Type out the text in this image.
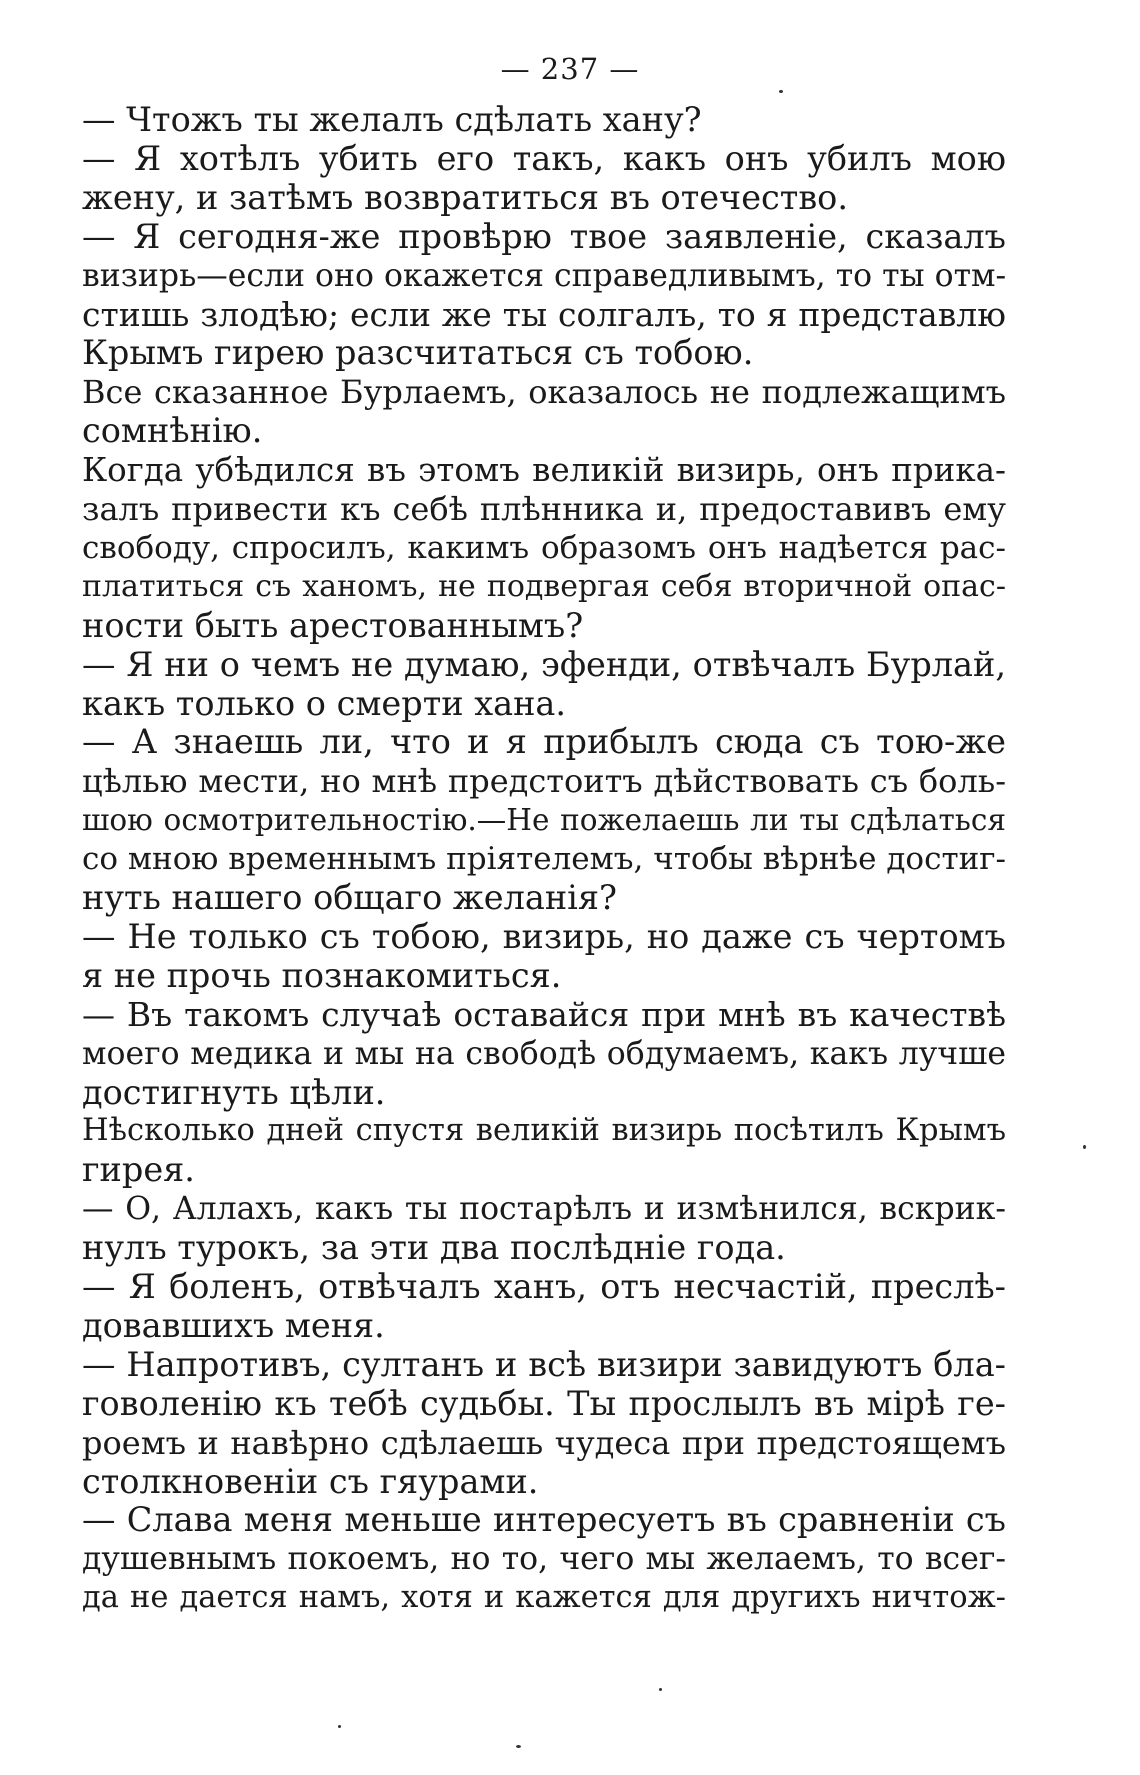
— 237 —
— Чтожъ ты желалъ сдѣлать хану?
— Я хотѣлъ убить его такъ, какъ онъ убилъ мою
жену, и затѣмъ возвратиться въ отечество.
— Я сегодня-же провѣрю твое заявленіе, сказалъ
визирь—если оно окажется справедливымъ, то ты отм-
стишь злодѣю; если же ты солгалъ, то я представлю
Крымъ гирею разсчитаться съ тобою.
Все сказанное Бурлаемъ, оказалось не подлежащимъ
сомнѣнію.
Когда убѣдился въ этомъ великій визирь, онъ прика-
залъ привести къ себѣ плѣнника и, предоставивъ ему
свободу, спросилъ, какимъ образомъ онъ надѣется рас-
платиться съ ханомъ, не подвергая себя вторичной опас-
ности быть арестованнымъ?
— Я ни о чемъ не думаю, эфенди, отвѣчалъ Бурлай,
какъ только о смерти хана.
— А знаешь ли, что и я прибылъ сюда съ тою-же
цѣлью мести, но мнѣ предстоитъ дѣйствовать съ боль-
шою осмотрительностію.—Не пожелаешь ли ты сдѣлаться
со мною временнымъ пріятелемъ, чтобы вѣрнѣе достиг-
нуть нашего общаго желанія?
— Не только съ тобою, визирь, но даже съ чертомъ
я не прочь познакомиться.
— Въ такомъ случаѣ оставайся при мнѣ въ качествѣ
моего медика и мы на свободѣ обдумаемъ, какъ лучше
достигнуть цѣли.
Нѣсколько дней спустя великій визирь посѣтилъ Крымъ
гирея.
— О, Аллахъ, какъ ты постарѣлъ и измѣнился, вскрик-
нулъ турокъ, за эти два послѣдніе года.
— Я боленъ, отвѣчалъ ханъ, отъ несчастій, преслѣ-
довавшихъ меня.
— Напротивъ, султанъ и всѣ визири завидуютъ бла-
говоленію къ тебѣ судьбы. Ты прослылъ въ мірѣ ге-
роемъ и навѣрно сдѣлаешь чудеса при предстоящемъ
столкновеніи съ гяурами.
— Слава меня меньше интересуетъ въ сравненіи съ
душевнымъ покоемъ, но то, чего мы желаемъ, то всег-
да не дается намъ, хотя и кажется для другихъ ничтож-
